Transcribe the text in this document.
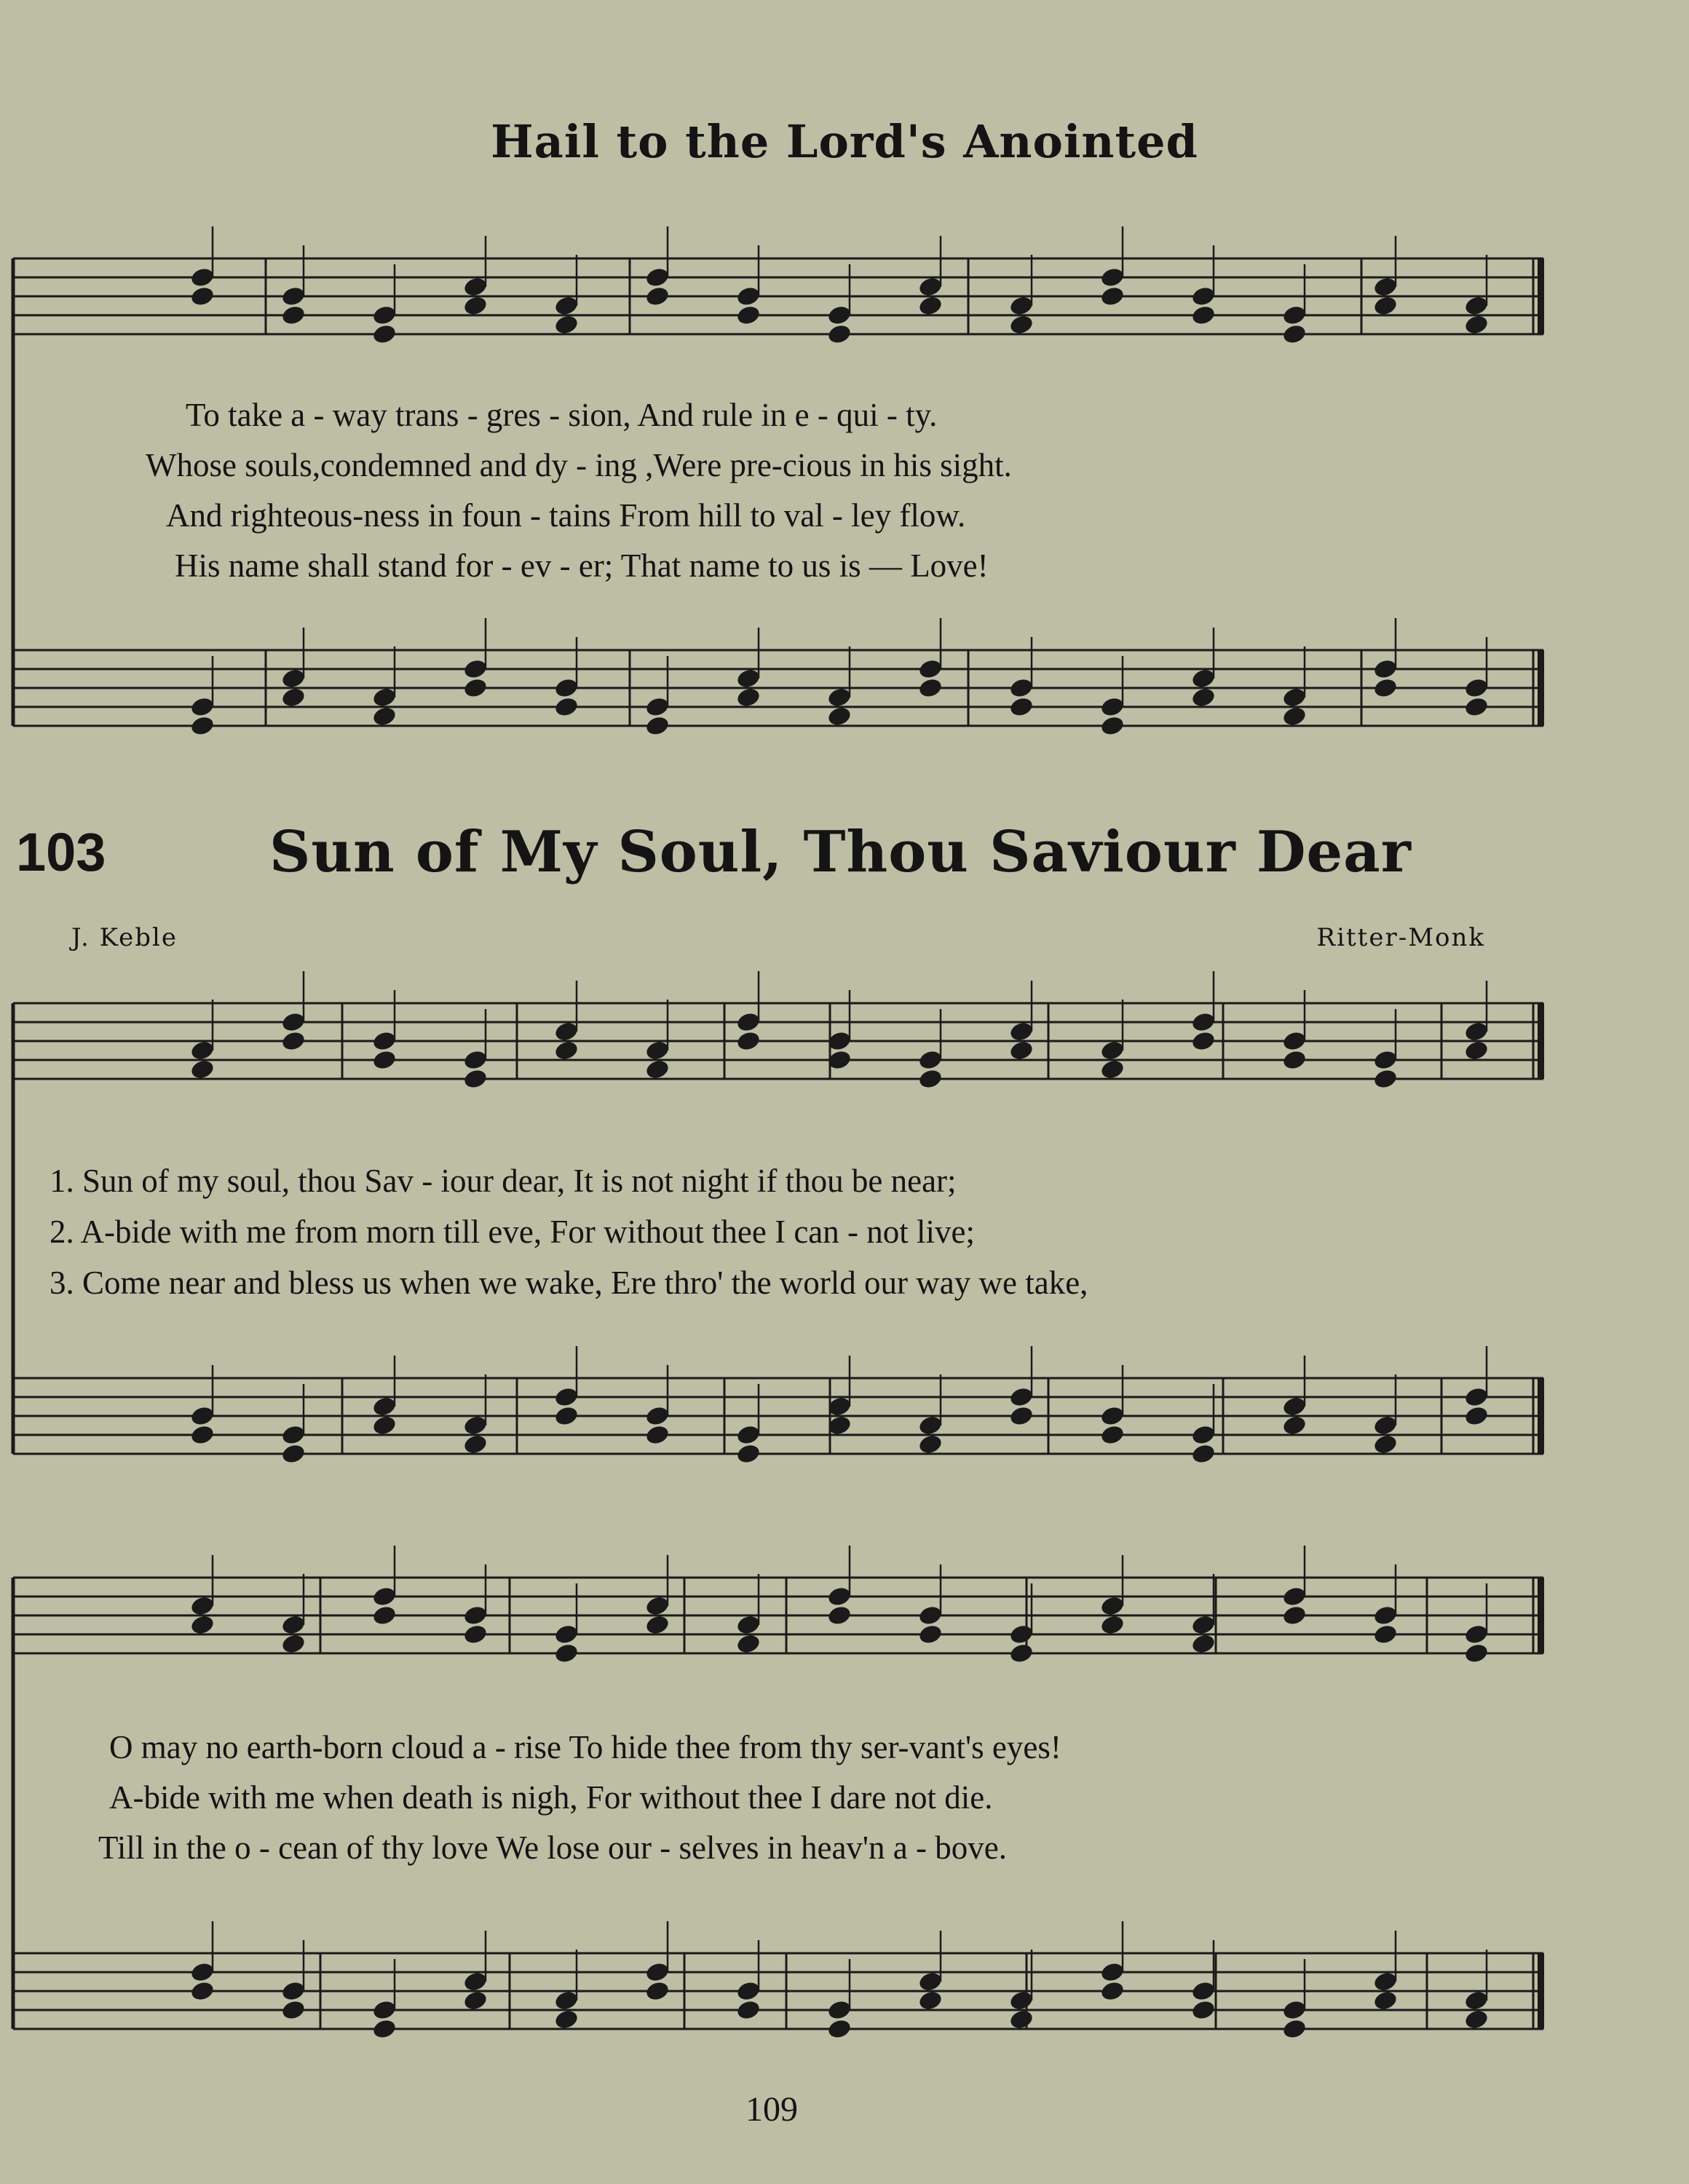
Hail to the Lord's Anointed
To take a - way trans - gres - sion, And rule in e - qui - ty.
Whose souls,condemned and dy - ing ,Were pre-cious in his sight.
And righteous-ness in foun - tains From hill to val - ley flow.
His name shall stand for - ev - er; That name to us is — Love!
103	Sun of My Soul, Thou Saviour Dear
J. Keble	Ritter-Monk
1. Sun of my soul, thou Sav - iour dear, It is not night if thou be near;
2. A-bide with me from morn till eve, For without thee I can - not live;
3. Come near and bless us when we wake, Ere thro' the world our way we take,
O may no earth-born cloud a - rise To hide thee from thy ser-vant's eyes!
A-bide with me when death is nigh, For without thee I dare not die.
Till in the o - cean of thy love We lose our - selves in heav'n a - bove.
109
